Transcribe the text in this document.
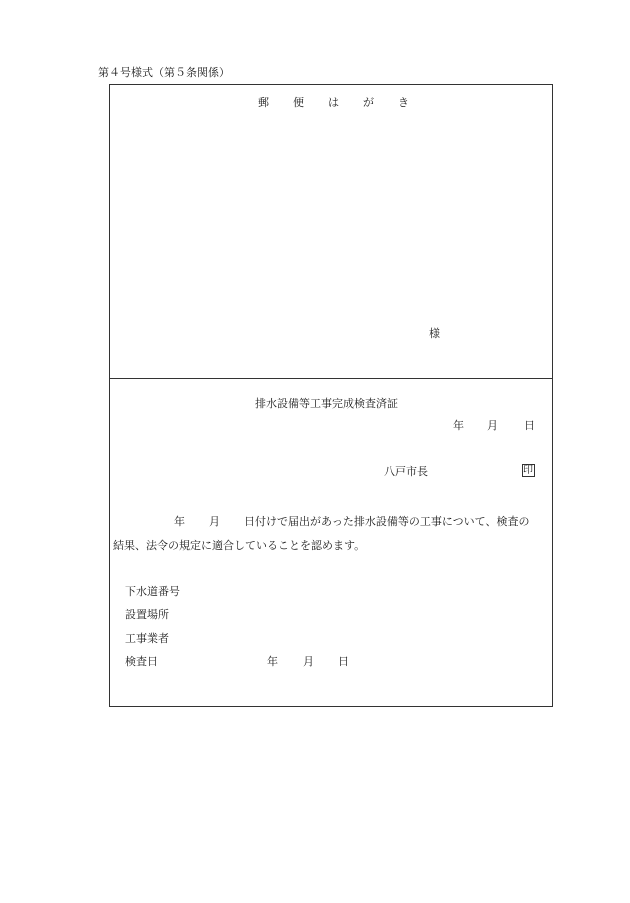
第４号様式（第５条関係）
郵 便 は が き
様
排水設備等工事完成検査済証
年 月 日
八戸市長	印
年 月 日付けで届出があった排水設備等の工事について、検査の
結果、法令の規定に適合していることを認めます。
下水道番号
設置場所
工事業者
検査日	年 月 日
